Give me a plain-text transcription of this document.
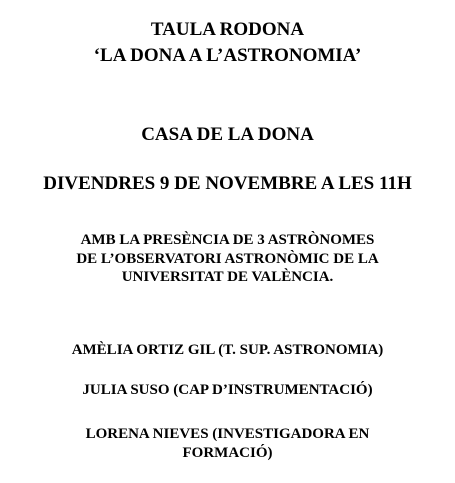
TAULA RODONA
‘LA DONA A L’ASTRONOMIA’
CASA DE LA DONA
DIVENDRES 9 DE NOVEMBRE A LES 11H
AMB LA PRESÈNCIA DE 3 ASTRÒNOMES
DE L’OBSERVATORI ASTRONÒMIC DE LA
UNIVERSITAT DE VALÈNCIA.
AMÈLIA ORTIZ GIL (T. SUP. ASTRONOMIA)
JULIA SUSO (CAP D’INSTRUMENTACIÓ)
LORENA NIEVES (INVESTIGADORA EN
FORMACIÓ)
